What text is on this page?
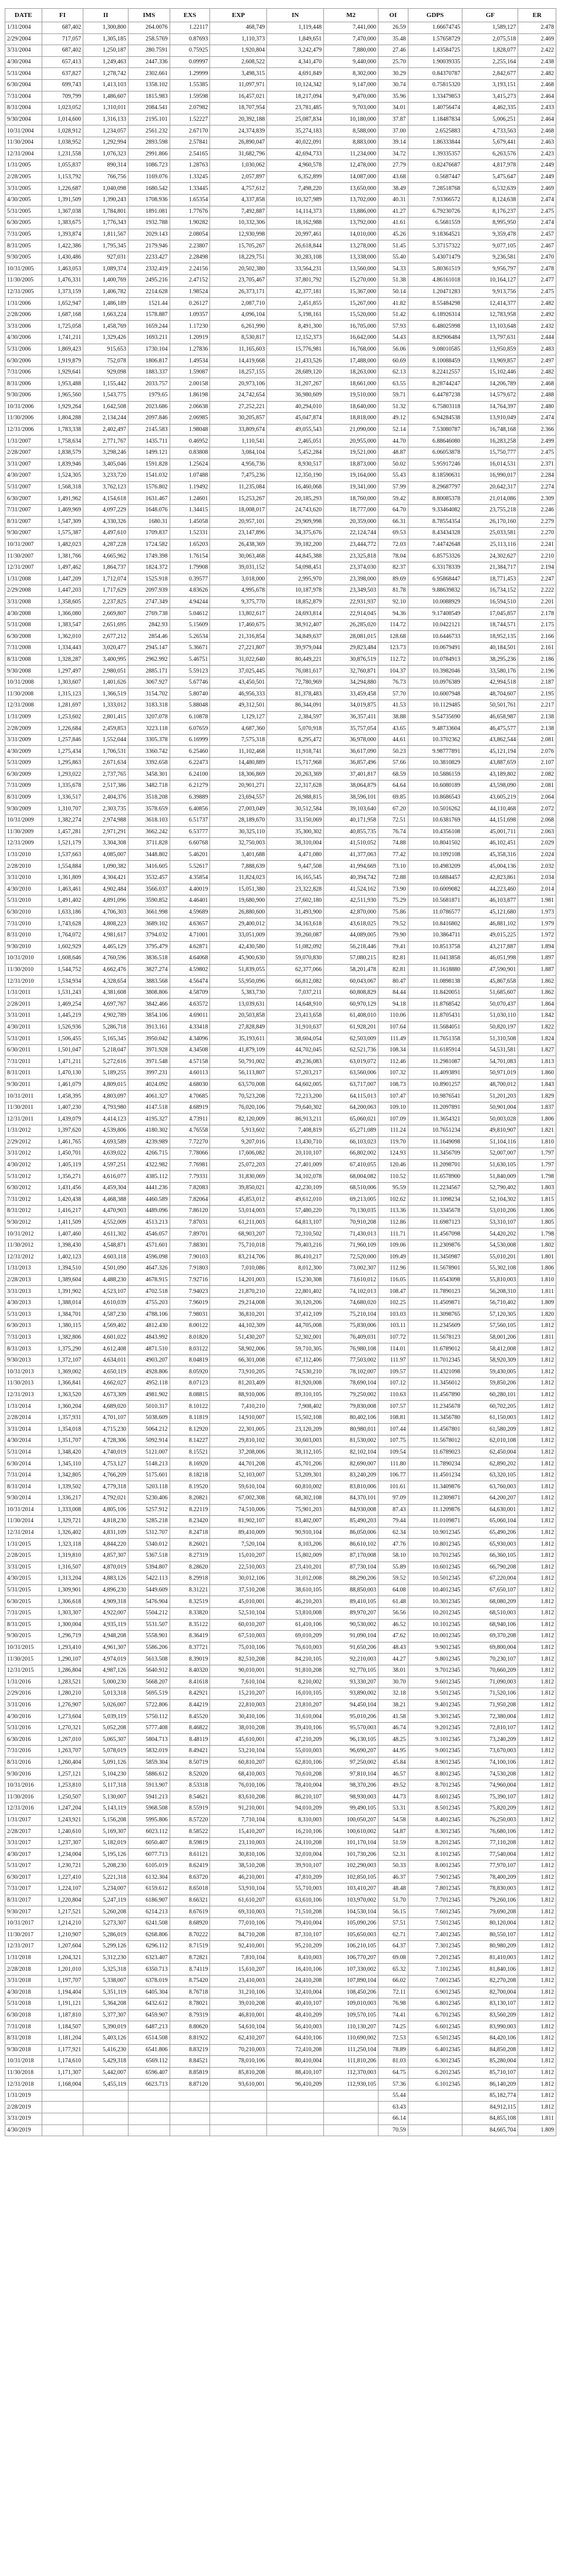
DATE	FI	II	IMS	EXS	EXP	IN	M2	OI	GDPS	GF	ER
1/31/2004	687,402	1,300,800	264.0076	1.22117	468,749	1,119,448	7,441,000	26.59	1.66674745	1,589,127	2.478
2/29/2004	717,057	1,305,185	258.5769	0.87693	1,110,373	1,849,651	7,470,000	35.48	1.57658729	2,075,518	2.469
3/31/2004	687,402	1,250,187	280.7591	0.75925	1,920,804	3,242,479	7,880,000	27.46	1.43584725	1,828,077	2.422
4/30/2004	657,413	1,249,463	2447.336	0.09997	2,608,522	4,341,470	9,440,000	25.70	1.90039335	2,255,164	2.438
5/31/2004	637,827	1,278,742	2302.661	1.29999	3,498,315	4,691,849	8,302,000	30.29	0.84370787	2,842,677	2.482
6/30/2004	699,743	1,413,103	1358.102	1.55385	11,097,971	10,124,342	9,147,000	30.74	0.75815320	3,193,151	2.468
7/31/2004	709,799	1,486,607	1815.983	1.59598	16,457,021	18,217,094	9,470,000	35.96	1.33479853	3,415,273	2.464
8/31/2004	1,023,052	1,310,011	2084.541	2.07982	18,707,954	23,781,485	9,703,000	34.01	1.40756474	4,462,335	2.433
9/30/2004	1,014,600	1,316,133	2195.101	1.52227	20,392,188	25,087,834	10,180,000	37.87	1.18487834	5,006,251	2.464
10/31/2004	1,028,912	1,234,057	2561.232	2.67170	24,374,839	35,274,183	8,588,000	37.00	2.6525883	4,733,563	2.468
11/30/2004	1,038,952	1,292,994	2893.598	2.57841	26,890,047	40,022,091	8,883,000	39.14	1.86333844	5,679,441	2.463
12/31/2004	1,231,558	1,076,323	2991.866	2.54165	31,682,796	42,694,733	11,234,000	34.72	1.39335357	6,263,576	2.423
1/31/2005	1,055,837	890,314	1086.723	1.28763	1,030,062	4,960,578	12,478,000	27.79	0.82476687	4,817,978	2.449
2/28/2005	1,153,792	766,756	1169.076	1.33245	2,057,897	6,352,899	14,087,000	43.68	0.5687447	5,475,647	2.449
3/31/2005	1,226,687	1,040,098	1680.542	1.33445	4,757,612	7,498,220	13,650,000	38.49	7.28518768	6,532,639	2.469
4/30/2005	1,391,509	1,390,243	1708.936	1.65354	4,337,858	10,327,989	13,702,000	40.31	7.93366572	8,124,638	2.474
5/31/2005	1,367,038	1,784,801	1891.081	1.77676	7,492,887	14,114,373	13,886,000	41.27	6.79230726	8,176,237	2.475
6/30/2005	1,383,675	1,776,343	1932.788	1.90282	10,332,306	18,162,988	13,792,000	41.61	6.5681559	8,995,950	2.474
7/31/2005	1,393,874	1,811,567	2029.143	2.08054	12,930,998	20,997,461	14,010,000	45.26	9.18364521	9,359,478	2.457
8/31/2005	1,422,386	1,795,345	2179.946	2.23807	15,705,267	26,618,844	13,278,000	51.45	5.37157322	9,077,105	2.467
9/30/2005	1,430,486	927,031	2233.427	2.28498	18,229,751	30,283,108	13,338,000	55.40	5.43071479	9,236,581	2.470
10/31/2005	1,463,053	1,089,374	2332.419	2.24156	20,502,380	33,564,231	13,560,000	54.33	5.80361519	9,956,797	2.478
11/30/2005	1,476,331	1,400,769	2495.216	2.47152	23,705,467	37,801,792	15,270,000	51.38	4.86161018	10,164,127	2.477
12/31/2005	1,373,159	1,406,782	2214.628	1.98524	26,373,171	42,377,181	15,367,000	50.14	1.20471283	9,913,756	2.475
1/31/2006	1,652,947	1,486,189	1521.44	0.26127	2,087,710	2,451,855	15,267,000	41.82	8.55484298	12,414,377	2.482
2/28/2006	1,687,168	1,663,224	1578.887	1.09357	4,096,104	5,198,161	15,520,000	51.42	6.18926314	12,783,958	2.492
3/31/2006	1,725,058	1,458,769	1659.244	1.17230	6,261,990	8,491,300	16,705,000	57.93	6.48025998	13,103,648	2.432
4/30/2006	1,741,211	1,329,426	1693.211	1.20919	8,530,817	12,152,373	16,642,000	54.43	8.82906484	13,797,631	2.444
5/31/2006	1,869,423	915,653	1730.104	1.27836	11,165,603	15,776,981	16,768,000	56.06	9.08010585	13,950,859	2.483
6/30/2006	1,919,879	752,078	1806.817	1.49534	14,419,668	21,433,526	17,488,000	60.69	8.10088459	13,969,857	2.497
7/31/2006	1,929,641	929,098	1883.337	1.59087	18,257,155	28,689,120	18,263,000	62.13	8.22412557	15,102,446	2.482
8/31/2006	1,953,488	1,155,442	2033.757	2.00158	20,973,106	31,207,267	18,661,000	63.55	8.28744247	14,206,789	2.468
9/30/2006	1,965,560	1,543,775	1979.65	1.86198	24,742,654	36,980,609	19,510,000	59.71	6.44787238	14,579,672	2.488
10/31/2006	1,929,264	1,642,508	2023.686	2.06638	27,252,221	40,294,010	18,640,000	51.32	6.75803118	14,764,397	2.480
11/30/2006	1,804,288	2,134,244	2097.846	2.06985	30,205,857	45,047,874	18,818,000	49.12	6.94284538	13,910,049	2.474
12/31/2006	1,783,338	2,402,497	2145.583	1.98048	33,809,674	49,055,543	21,090,000	52.14	7.53080787	16,748,168	2.366
1/31/2007	1,758,634	2,771,767	1435.711	0.46952	1,110,541	2,465,051	20,955,000	44.70	6.88646080	16,283,258	2.499
2/28/2007	1,838,579	3,298,246	1499.121	0.83808	3,084,104	5,452,284	19,521,000	48.87	6.06053878	15,750,777	2.475
3/31/2007	1,839,946	3,405,046	1591.828	1.25624	4,956,736	8,930,517	18,873,000	50.02	5.95917246	16,014,531	2.371
4/30/2007	1,524,305	3,233,720	1541.032	1.07488	7,475,236	12,350,190	19,164,000	55.43	8.18590631	16,990,017	2.284
5/31/2007	1,568,318	3,762,123	1576.802	1.19492	11,235,084	16,460,068	19,341,000	57.99	8.29687797	20,642,317	2.274
6/30/2007	1,491,962	4,154,618	1631.467	1.24601	15,253,267	20,185,293	18,760,000	59.42	8.80085378	21,014,086	2.309
7/31/2007	1,469,969	4,097,229	1648.076	1.34415	18,008,017	24,743,620	18,777,000	64.70	9.33464082	23,755,218	2.246
8/31/2007	1,547,309	4,330,326	1680.31	1.45058	20,957,101	29,909,998	20,359,000	66.31	8.78554354	26,170,160	2.279
9/30/2007	1,575,387	4,497,610	1709.837	1.52331	23,147,896	34,375,676	22,124,744	69.53	8.43434328	25,033,581	2.270
10/31/2007	1,482,023	4,287,228	1724.582	1.65203	26,438,369	39,182,200	23,444,772	72.03	7.44742648	25,113,116	2.241
11/30/2007	1,381,766	4,665,962	1749.398	1.76154	30,063,468	44,845,388	23,325,818	78.04	6.85753326	24,302,627	2.210
12/31/2007	1,497,462	1,864,737	1824.372	1.79908	39,031,152	54,098,451	23,374,030	82.37	6.33178339	21,384,717	2.194
1/31/2008	1,447,209	1,712,074	1525.918	0.39577	3,018,000	2,995,970	23,398,000	89.69	6.95868447	18,771,453	2.247
2/29/2008	1,447,203	1,717,629	2097.939	4.83626	4,995,678	10,187,978	23,349,503	81.78	9.88639832	16,734,152	2.222
3/31/2008	1,358,605	2,237,825	2747.349	4.94244	9,375,770	18,852,879	22,931,937	92.10	10.0088929	16,594,510	2.201
4/30/2008	1,366,080	2,669,807	2769.738	5.04612	13,802,617	24,693,814	22,914,045	94.36	9.17408549	17,045,857	2.178
5/31/2008	1,383,547	2,651,695	2842.93	5.15609	17,460,675	38,912,407	26,285,020	114.72	10.0422121	18,744,571	2.175
6/30/2008	1,362,010	2,677,212	2854.46	5.26534	21,316,854	34,849,637	28,081,015	128.68	10.6446733	18,952,135	2.166
7/31/2008	1,334,443	3,020,477	2945.147	5.36671	27,221,807	39,979,044	29,823,484	123.73	10.0679491	40,184,501	2.161
8/31/2008	1,328,287	3,400,995	2962.992	5.46751	31,022,640	80,449,221	30,876,519	112.72	10.0784913	38,295,236	2.186
9/30/2008	1,297,497	2,980,051	2885.171	5.59123	37,025,445	76,081,617	32,760,871	104.37	10.3982046	33,580,176	2.196
10/31/2008	1,303,607	1,401,626	3067.927	5.67746	43,450,501	72,780,969	34,294,880	76.73	10.0976389	42,994,518	2.187
11/30/2008	1,315,123	1,366,519	3154.702	5.80740	46,956,333	81,378,483	33,459,458	57.70	10.6007948	48,704,607	2.195
12/31/2008	1,281,697	1,333,012	3183.318	5.88048	49,312,501	86,344,091	34,019,875	41.53	10.1129485	50,501,761	2.217
1/31/2009	1,253,602	2,801,415	3207.078	6.10878	1,129,127	2,384,597	36,357,411	38.88	9.54735690	46,658,987	2.138
2/28/2009	1,226,684	2,459,853	3223.118	6.07659	4,687,360	5,070,918	35,757,054	43.65	9.48733604	46,475,577	2.138
3/31/2009	1,257,846	1,552,044	3305.378	6.16999	7,575,318	8,295,472	36,978,000	44.61	10.3702362	43,862,544	2.081
4/30/2009	1,275,434	1,706,531	3360.742	6.25460	11,102,468	11,918,741	36,617,090	50.23	9.98777891	45,121,194	2.076
5/31/2009	1,295,863	2,671,634	3392.658	6.22473	14,480,889	15,717,968	36,857,496	57.66	10.3810829	43,887,659	2.107
6/30/2009	1,293,022	2,737,765	3458.301	6.24100	18,306,869	20,263,369	37,401,817	68.59	10.5886159	43,189,802	2.082
7/31/2009	1,335,678	2,517,386	3482.718	6.21279	20,901,271	22,317,628	38,064,879	64.64	10.6080189	43,598,090	2.081
8/31/2009	1,336,517	2,404,376	3518.208	6.39889	23,694,557	26,988,815	38,596,101	69.85	10.8686543	43,605,219	2.064
9/30/2009	1,310,707	2,303,735	3578.659	6.40856	27,003,049	30,512,584	39,103,640	67.20	10.5016262	44,110,468	2.072
10/31/2009	1,382,274	2,974,988	3618.103	6.51737	28,189,670	33,150,069	40,171,958	72.51	10.6381769	44,151,698	2.068
11/30/2009	1,457,281	2,971,291	3662.242	6.53777	30,325,110	35,300,302	40,855,735	76.74	10.4356108	45,001,711	2.063
12/31/2009	1,521,179	3,304,308	3711.828	6.60768	32,750,003	38,310,004	41,510,052	74.88	10.8041502	46,102,451	2.029
1/31/2010	1,537,663	4,085,007	3448.802	5.46201	3,401,688	4,471,080	41,377,063	77.42	10.1092108	45,358,316	2.024
2/28/2010	1,554,884	1,090,382	3416.605	5.52617	7,888,639	9,447,508	41,994,669	73.10	10.4983209	45,004,136	2.032
3/31/2010	1,361,809	4,304,421	3532.457	4.35854	11,824,023	16,165,545	40,394,742	72.88	10.6884457	42,823,861	2.034
4/30/2010	1,463,461	4,902,484	3566.037	4.40019	15,051,380	23,322,828	41,524,162	73.90	10.6009082	44,223,460	2.014
5/31/2010	1,491,402	4,891,096	3590.852	4.46401	19,680,900	27,602,180	42,511,930	75.29	10.5681871	46,103,877	1.981
6/30/2010	1,633,186	4,706,303	3661.998	4.59689	26,880,600	31,493,900	42,870,000	75.86	11.0786577	45,121,680	1.973
7/31/2010	1,743,628	4,808,223	3689.102	4.63657	29,400,012	34,163,618	43,618,025	79.52	10.8416802	46,881,102	1.979
8/31/2010	1,764,072	4,981,617	3794.032	4.71001	33,051,009	39,260,087	44,089,005	79.90	10.3864711	49,015,225	1.972
9/30/2010	1,602,929	4,465,129	3795.479	4.62871	42,430,580	51,082,092	56,218,446	79.41	10.8513758	43,217,887	1.894
10/31/2010	1,608,646	4,760,596	3836.518	4.64068	45,900,630	59,070,830	57,080,215	82.81	11.0413858	46,051,998	1.897
11/30/2010	1,544,752	4,662,476	3827.274	4.59802	51,839,055	62,377,066	58,201,478	82.81	11.1618880	47,590,901	1.887
12/31/2010	1,534,934	4,328,654	3883.568	4.56474	55,950,096	66,812,082	60,043,067	80.47	11.0898138	45,867,658	1.862
1/31/2011	1,531,243	4,381,608	3808.806	4.58709	5,383,730	7,037,211	60,808,829	84.44	11.8420051	51,685,607	1.862
2/28/2011	1,469,254	4,697,767	3842.466	4.63572	13,039,631	14,648,910	60,970,129	94.18	11.8768542	50,070,437	1.864
3/31/2011	1,445,219	4,902,789	3854.106	4.69011	20,503,858	23,413,658	61,408,010	110.06	11.8705431	51,030,110	1.842
4/30/2011	1,526,936	5,286,718	3913.161	4.33418	27,828,849	31,910,637	61,928,201	107.64	11.5684051	50,820,197	1.822
5/31/2011	1,506,455	5,165,345	3950.042	4.34096	35,193,611	38,604,054	62,503,009	111.49	11.7651358	51,310,508	1.824
6/30/2011	1,501,047	5,218,047	3971.928	4.34508	41,879,109	44,702,045	62,521,736	108.34	11.6185914	54,531,581	1.827
7/31/2011	1,471,211	5,272,616	3971.548	4.57158	50,791,002	49,236,083	63,019,072	112.46	11.2981087	54,701,083	1.813
8/31/2011	1,470,130	5,189,255	3997.231	4.60113	56,113,807	57,203,217	63,560,006	107.32	11.4093891	50,971,019	1.860
9/30/2011	1,461,079	4,809,015	4024.092	4.68030	63,570,008	64,602,005	63,717,007	108.73	10.8901257	48,700,012	1.843
10/31/2011	1,458,395	4,803,097	4061.327	4.70685	70,523,208	72,213,200	64,115,013	107.47	10.9876541	51,201,203	1.829
11/30/2011	1,407,230	4,793,980	4147.518	4.68919	76,020,106	79,640,302	64,200,063	109.10	11.2097891	50,901,004	1.837
12/31/2011	1,439,079	4,414,123	4195.327	4.73911	82,120,009	86,913,211	65,060,021	107.09	11.3654321	50,003,028	1.806
1/31/2012	1,397,620	4,539,806	4180.302	4.76558	5,913,602	7,408,819	65,271,089	111.24	10.7651234	49,810,907	1.821
2/29/2012	1,461,765	4,693,589	4239.989	7.72270	9,207,016	13,430,710	66,103,023	119.70	11.1649098	51,104,116	1.810
3/31/2012	1,450,701	4,639,022	4266.715	7.78066	17,606,082	20,110,107	66,802,002	124.93	11.3456709	52,007,007	1.797
4/30/2012	1,405,119	4,597,251	4322.982	7.76981	25,072,203	27,401,009	67,410,055	120.46	11.2098701	51,630,105	1.797
5/31/2012	1,356,271	4,616,077	4385.112	7.79331	31,830,069	34,102,078	68,004,082	110.52	11.6578900	51,840,009	1.798
6/30/2012	1,431,456	4,459,304	4441.236	7.82083	39,850,021	42,230,109	68,510,006	95.59	11.2234567	52,790,402	1.803
7/31/2012	1,420,438	4,468,388	4460.589	7.82064	45,853,012	49,612,010	69,213,005	102.62	11.1098234	52,104,302	1.815
8/31/2012	1,416,217	4,470,903	4489.096	7.86120	53,014,003	57,480,220	70,130,035	113.36	11.3345678	53,010,206	1.806
9/30/2012	1,411,509	4,552,009	4513.213	7.87031	61,211,003	64,813,107	70,910,208	112.86	11.6987123	53,310,107	1.805
10/31/2012	1,407,460	4,611,302	4546.057	7.89701	68,903,207	72,310,502	71,430,013	111.71	11.4567098	54,420,202	1.798
11/30/2012	1,398,430	4,548,871	4571.601	7.88301	75,710,018	79,403,216	71,960,109	109.06	11.2309876	54,530,008	1.802
12/31/2012	1,402,123	4,603,118	4596.098	7.90103	83,214,706	86,410,217	72,520,000	109.49	11.3450987	55,010,201	1.801
1/31/2013	1,394,510	4,501,090	4647.326	7.91803	7,010,086	8,012,300	73,002,307	112.96	11.5678901	55,302,108	1.806
2/28/2013	1,389,604	4,488,230	4678.915	7.92716	14,201,003	15,230,308	73,610,012	116.05	11.6543098	55,810,003	1.810
3/31/2013	1,391,902	4,523,107	4702.518	7.94023	21,870,210	22,801,402	74,102,013	108.47	11.7890123	56,208,310	1.811
4/30/2013	1,388,014	4,610,039	4755.203	7.96019	29,214,008	30,120,206	74,680,020	102.25	11.4509871	56,710,402	1.809
5/31/2013	1,384,701	4,587,230	4788.106	7.98031	36,810,201	37,412,109	75,210,104	103.03	11.3098765	57,120,305	1.820
6/30/2013	1,380,115	4,569,402	4812.430	8.00122	44,102,309	44,705,008	75,830,006	103.11	11.2345609	57,560,105	1.812
7/31/2013	1,382,806	4,601,022	4843.992	8.01820	51,430,207	52,302,001	76,409,031	107.72	11.5678123	58,001,206	1.811
8/31/2013	1,375,290	4,612,408	4871.510	8.03122	58,902,006	59,710,305	76,980,108	114.01	11.6789012	58,412,008	1.812
9/30/2013	1,372,107	4,634,011	4903.207	8.04819	66,301,008	67,112,406	77,503,002	111.97	11.7012345	58,920,309	1.812
10/31/2013	1,369,002	4,650,119	4928.806	8.05920	73,910,205	74,530,210	78,102,007	109.57	11.4321098	59,430,005	1.812
11/30/2013	1,366,841	4,662,027	4952.118	8.07123	81,203,409	81,920,008	78,690,104	107.12	11.3456012	59,850,206	1.812
12/31/2013	1,363,520	4,673,309	4981.902	8.08815	88,910,006	89,310,105	79,250,002	110.63	11.4567890	60,280,101	1.812
1/31/2014	1,360,204	4,689,020	5010.317	8.10122	7,410,210	7,908,402	79,830,008	107.57	11.2345678	60,702,205	1.812
2/28/2014	1,357,931	4,701,107	5038.609	8.11819	14,910,007	15,502,108	80,402,106	108.81	11.3456780	61,150,003	1.812
3/31/2014	1,354,018	4,715,230	5064.212	8.12920	22,301,005	23,120,209	80,980,011	107.44	11.4567801	61,580,209	1.812
4/30/2014	1,351,707	4,728,306	5092.914	8.14227	29,810,102	30,603,003	81,530,002	107.75	11.5678012	62,010,108	1.812
5/31/2014	1,348,420	4,740,019	5121.007	8.15521	37,208,006	38,112,105	82,102,104	109.54	11.6789023	62,450,004	1.812
6/30/2014	1,345,110	4,753,127	5148.213	8.16920	44,701,208	45,701,206	82,690,007	111.80	11.7890234	62,890,202	1.812
7/31/2014	1,342,805	4,766,209	5175.601	8.18218	52,103,007	53,209,301	83,240,209	106.77	11.4501234	63,320,105	1.812
8/31/2014	1,339,502	4,779,318	5203.118	8.19520	59,610,104	60,810,002	83,810,006	101.61	11.3409876	63,760,003	1.812
9/30/2014	1,336,217	4,792,021	5230.406	8.20821	67,002,308	68,302,108	84,370,101	97.09	11.2309871	64,200,207	1.812
10/31/2014	1,333,008	4,805,106	5257.912	8.22119	74,510,006	75,901,203	84,930,008	87.43	11.1209876	64,630,001	1.812
11/30/2014	1,329,721	4,818,230	5285.218	8.23420	81,902,107	83,402,007	85,490,203	79.44	11.0109871	65,060,104	1.812
12/31/2014	1,326,402	4,831,109	5312.707	8.24718	89,410,009	90,910,104	86,050,006	62.34	10.9012345	65,490,206	1.812
1/31/2015	1,323,118	4,844,220	5340.012	8.26021	7,520,104	8,103,206	86,610,102	47.76	10.8012345	65,930,003	1.812
2/28/2015	1,319,810	4,857,307	5367.518	8.27319	15,010,207	15,802,009	87,170,008	58.10	10.7012345	66,360,105	1.812
3/31/2015	1,316,507	4,870,019	5394.807	8.28620	22,510,003	23,410,201	87,730,104	55.89	10.6012345	66,790,208	1.812
4/30/2015	1,313,204	4,883,126	5422.113	8.29918	30,012,106	31,012,008	88,290,206	59.52	10.5012345	67,220,004	1.812
5/31/2015	1,309,901	4,896,230	5449.609	8.31221	37,510,208	38,610,105	88,850,003	64.08	10.4012345	67,650,107	1.812
6/30/2015	1,306,618	4,909,318	5476.904	8.32519	45,010,001	46,210,203	89,410,105	61.48	10.3012345	68,080,209	1.812
7/31/2015	1,303,307	4,922,007	5504.212	8.33820	52,510,104	53,810,008	89,970,207	56.56	10.2012345	68,510,003	1.812
8/31/2015	1,300,004	4,935,119	5531.507	8.35122	60,010,207	61,410,106	90,530,002	46.52	10.1012345	68,940,106	1.812
9/30/2015	1,296,719	4,948,208	5558.901	8.36419	67,510,003	69,010,209	91,090,104	47.62	10.0012345	69,370,208	1.812
10/31/2015	1,293,410	4,961,307	5586.206	8.37721	75,010,106	76,610,003	91,650,206	48.43	9.9012345	69,800,004	1.812
11/30/2015	1,290,107	4,974,019	5613.508	8.39019	82,510,208	84,210,105	92,210,003	44.27	9.8012345	70,230,107	1.812
12/31/2015	1,286,804	4,987,126	5640.912	8.40320	90,010,001	91,810,208	92,770,105	38.01	9.7012345	70,660,209	1.812
1/31/2016	1,283,521	5,000,230	5668.207	8.41618	7,610,104	8,210,002	93,330,207	30.70	9.6012345	71,090,003	1.812
2/29/2016	1,280,210	5,013,318	5695.519	8.42921	15,210,207	16,010,105	93,890,002	32.18	9.5012345	71,520,106	1.812
3/31/2016	1,276,907	5,026,007	5722.806	8.44219	22,810,003	23,810,207	94,450,104	38.21	9.4012345	71,950,208	1.812
4/30/2016	1,273,604	5,039,119	5750.112	8.45520	30,410,106	31,610,004	95,010,206	41.58	9.3012345	72,380,004	1.812
5/31/2016	1,270,321	5,052,208	5777.408	8.46822	38,010,208	39,410,106	95,570,003	46.74	9.2012345	72,810,107	1.812
6/30/2016	1,267,010	5,065,307	5804.713	8.48119	45,610,001	47,210,209	96,130,105	48.25	9.1012345	73,240,209	1.812
7/31/2016	1,263,707	5,078,019	5832.019	8.49421	53,210,104	55,010,003	96,690,207	44.95	9.0012345	73,670,003	1.812
8/31/2016	1,260,404	5,091,126	5859.304	8.50719	60,810,207	62,810,106	97,250,002	45.84	8.9012345	74,100,106	1.812
9/30/2016	1,257,121	5,104,230	5886.612	8.52020	68,410,003	70,610,208	97,810,104	46.57	8.8012345	74,530,208	1.812
10/31/2016	1,253,810	5,117,318	5913.907	8.53318	76,010,106	78,410,004	98,370,206	49.52	8.7012345	74,960,004	1.812
11/30/2016	1,250,507	5,130,007	5941.213	8.54621	83,610,208	86,210,107	98,930,003	44.73	8.6012345	75,390,107	1.812
12/31/2016	1,247,204	5,143,119	5968.508	8.55919	91,210,001	94,010,209	99,490,105	53.31	8.5012345	75,820,209	1.812
1/31/2017	1,243,921	5,156,208	5995.806	8.57220	7,710,104	8,310,003	100,050,207	54.58	8.4012345	76,250,003	1.812
2/28/2017	1,240,610	5,169,307	6023.112	8.58522	15,410,207	16,210,106	100,610,002	54.87	8.3012345	76,680,106	1.812
3/31/2017	1,237,307	5,182,019	6050.407	8.59819	23,110,003	24,110,208	101,170,104	51.59	8.2012345	77,110,208	1.812
4/30/2017	1,234,004	5,195,126	6077.713	8.61121	30,810,106	32,010,004	101,730,206	52.31	8.1012345	77,540,004	1.812
5/31/2017	1,230,721	5,208,230	6105.019	8.62419	38,510,208	39,910,107	102,290,003	50.33	8.0012345	77,970,107	1.812
6/30/2017	1,227,410	5,221,318	6132.304	8.63720	46,210,001	47,810,209	102,850,105	46.37	7.9012345	78,400,209	1.812
7/31/2017	1,224,107	5,234,007	6159.612	8.65018	53,910,104	55,710,003	103,410,207	48.48	7.8012345	78,830,003	1.812
8/31/2017	1,220,804	5,247,119	6186.907	8.66321	61,610,207	63,610,106	103,970,002	51.70	7.7012345	79,260,106	1.812
9/30/2017	1,217,521	5,260,208	6214.213	8.67619	69,310,003	71,510,208	104,530,104	56.15	7.6012345	79,690,208	1.812
10/31/2017	1,214,210	5,273,307	6241.508	8.68920	77,010,106	79,410,004	105,090,206	57.51	7.5012345	80,120,004	1.812
11/30/2017	1,210,907	5,286,019	6268.806	8.70222	84,710,208	87,310,107	105,650,003	62.71	7.4012345	80,550,107	1.812
12/31/2017	1,207,604	5,299,126	6296.112	8.71519	92,410,001	95,210,209	106,210,105	64.37	7.3012345	80,980,209	1.812
1/31/2018	1,204,321	5,312,230	6323.407	8.72821	7,810,104	8,410,003	106,770,207	69.08	7.2012345	81,410,003	1.812
2/28/2018	1,201,010	5,325,318	6350.713	8.74119	15,610,207	16,410,106	107,330,002	65.32	7.1012345	81,840,106	1.812
3/31/2018	1,197,707	5,338,007	6378.019	8.75420	23,410,003	24,410,208	107,890,104	66.02	7.0012345	82,270,208	1.812
4/30/2018	1,194,404	5,351,119	6405.304	8.76718	31,210,106	32,410,004	108,450,206	72.11	6.9012345	82,700,004	1.812
5/31/2018	1,191,121	5,364,208	6432.612	8.78021	39,010,208	40,410,107	109,010,003	76.98	6.8012345	83,130,107	1.812
6/30/2018	1,187,810	5,377,307	6459.907	8.79319	46,810,001	48,410,209	109,570,105	74.41	6.7012345	83,560,209	1.812
7/31/2018	1,184,507	5,390,019	6487.213	8.80620	54,610,104	56,410,003	110,130,207	74.25	6.6012345	83,990,003	1.812
8/31/2018	1,181,204	5,403,126	6514.508	8.81922	62,410,207	64,410,106	110,690,002	72.53	6.5012345	84,420,106	1.812
9/30/2018	1,177,921	5,416,230	6541.806	8.83219	70,210,003	72,410,208	111,250,104	78.89	6.4012345	84,850,208	1.812
10/31/2018	1,174,610	5,429,318	6569.112	8.84521	78,010,106	80,410,004	111,810,206	81.03	6.3012345	85,280,004	1.812
11/30/2018	1,171,307	5,442,007	6596.407	8.85819	85,810,208	88,410,107	112,370,003	64.75	6.2012345	85,710,107	1.812
12/31/2018	1,168,004	5,455,119	6623.713	8.87120	93,610,001	96,410,209	112,930,105	57.36	6.1012345	86,140,209	1.812
1/31/2019								55.44		85,182,774	1.812
2/28/2019								63.43		84,912,115	1.812
3/31/2019								66.14		84,855,108	1.811
4/30/2019								70.59		84,665,704	1.809
